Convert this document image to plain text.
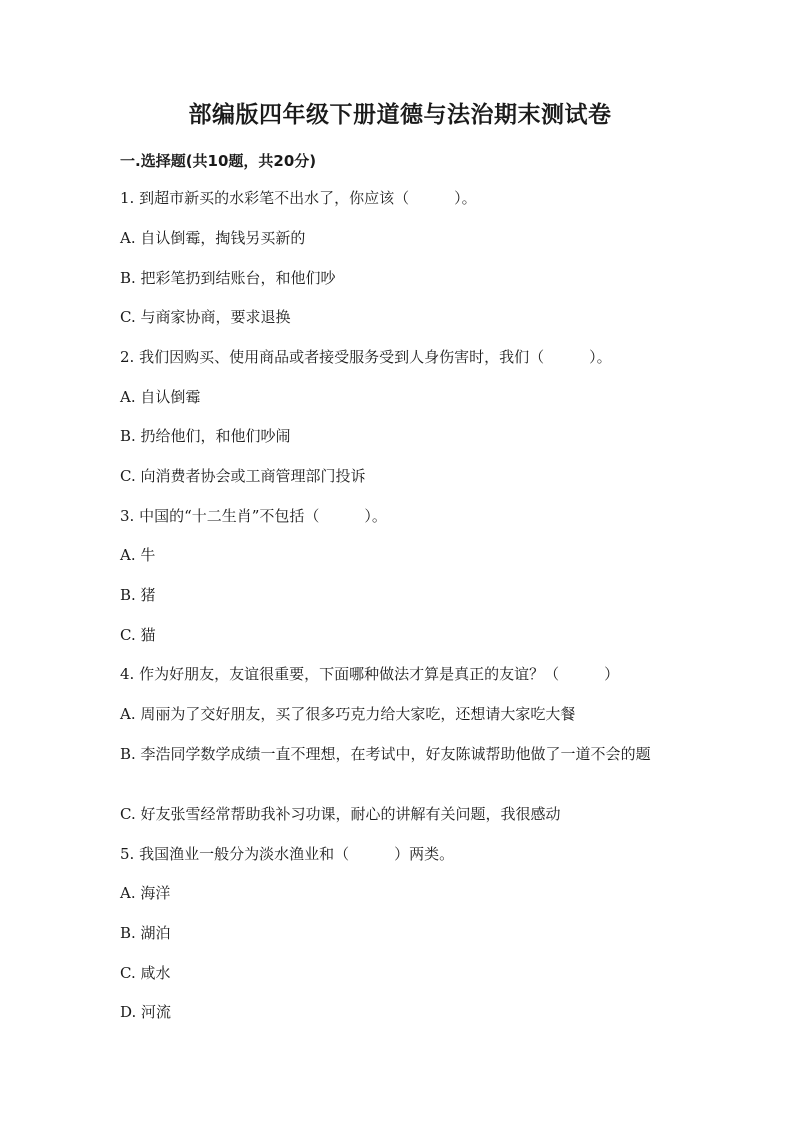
部编版四年级下册道德与法治期末测试卷
一.选择题(共10题，共20分)
1. 到超市新买的水彩笔不出水了，你应该（　　　）。
A. 自认倒霉，掏钱另买新的
B. 把彩笔扔到结账台，和他们吵
C. 与商家协商，要求退换
2. 我们因购买、使用商品或者接受服务受到人身伤害时，我们（　　　）。
A. 自认倒霉
B. 扔给他们，和他们吵闹
C. 向消费者协会或工商管理部门投诉
3. 中国的“十二生肖”不包括（　　　）。
A. 牛
B. 猪
C. 猫
4. 作为好朋友，友谊很重要，下面哪种做法才算是真正的友谊？（　　　）
A. 周丽为了交好朋友，买了很多巧克力给大家吃，还想请大家吃大餐
B. 李浩同学数学成绩一直不理想，在考试中，好友陈诚帮助他做了一道不会的题
C. 好友张雪经常帮助我补习功课，耐心的讲解有关问题，我很感动
5. 我国渔业一般分为淡水渔业和（　　　）两类。
A. 海洋
B. 湖泊
C. 咸水
D. 河流
